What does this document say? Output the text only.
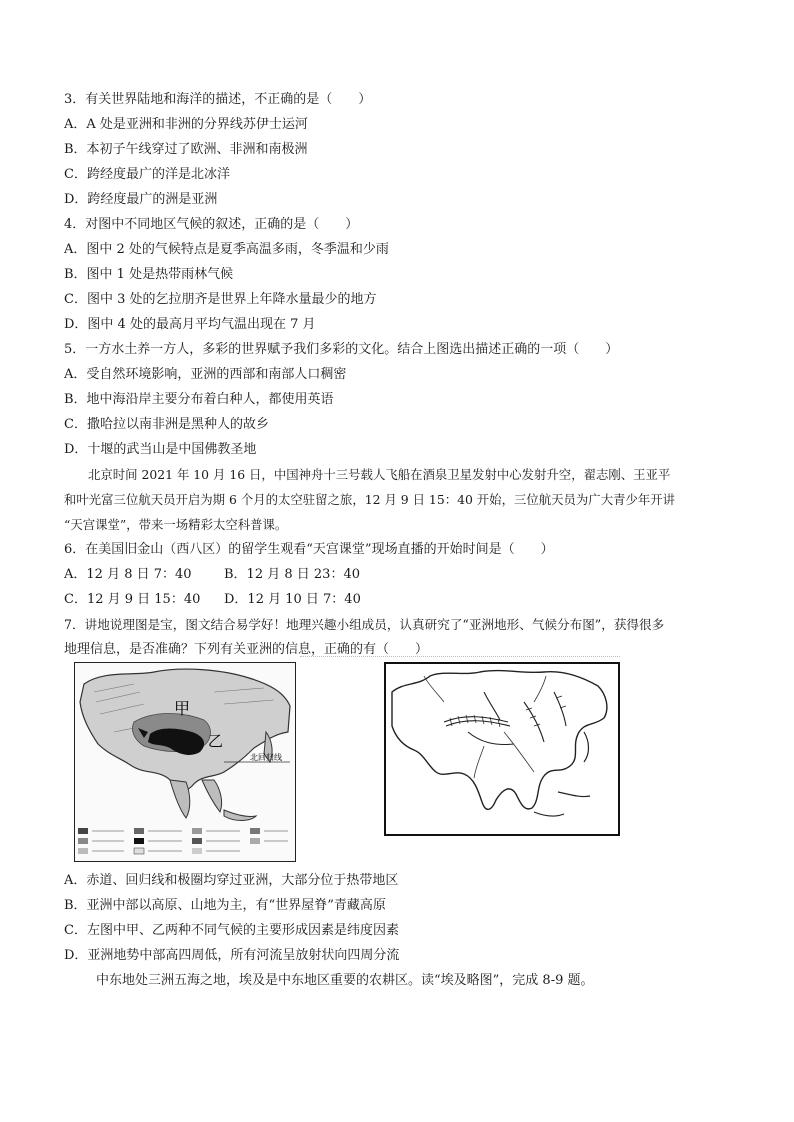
3．有关世界陆地和海洋的描述，不正确的是（　　）
A．A 处是亚洲和非洲的分界线苏伊士运河
B．本初子午线穿过了欧洲、非洲和南极洲
C．跨经度最广的洋是北冰洋
D．跨经度最广的洲是亚洲
4．对图中不同地区气候的叙述，正确的是（　　）
A．图中 2 处的气候特点是夏季高温多雨，冬季温和少雨
B．图中 1 处是热带雨林气候
C．图中 3 处的乞拉朋齐是世界上年降水量最少的地方
D．图中 4 处的最高月平均气温出现在 7 月
5．一方水土养一方人，多彩的世界赋予我们多彩的文化。结合上图选出描述正确的一项（　　）
A．受自然环境影响，亚洲的西部和南部人口稠密
B．地中海沿岸主要分布着白种人，都使用英语
C．撒哈拉以南非洲是黑种人的故乡
D．十堰的武当山是中国佛教圣地
北京时间 2021 年 10 月 16 日，中国神舟十三号载人飞船在酒泉卫星发射中心发射升空，翟志刚、王亚平
和叶光富三位航天员开启为期 6 个月的太空驻留之旅，12 月 9 日 15：40 开始，三位航天员为广大青少年开讲
“天宫课堂”，带来一场精彩太空科普课。
6．在美国旧金山（西八区）的留学生观看“天宫课堂”现场直播的开始时间是（　　）
A．12 月 8 日 7：40 B．12 月 8 日 23：40
C．12 月 9 日 15：40 D．12 月 10 日 7：40
7．讲地说理图是宝，图文结合易学好！地理兴趣小组成员，认真研究了“亚洲地形、气候分布图”，获得很多
地理信息，是否准确？下列有关亚洲的信息，正确的有（　　）
甲
乙
北回归线
A．赤道、回归线和极圈均穿过亚洲，大部分位于热带地区
B．亚洲中部以高原、山地为主，有“世界屋脊”青藏高原
C．左图中甲、乙两种不同气候的主要形成因素是纬度因素
D．亚洲地势中部高四周低，所有河流呈放射状向四周分流
中东地处三洲五海之地，埃及是中东地区重要的农耕区。读“埃及略图”，完成 8-9 题。
